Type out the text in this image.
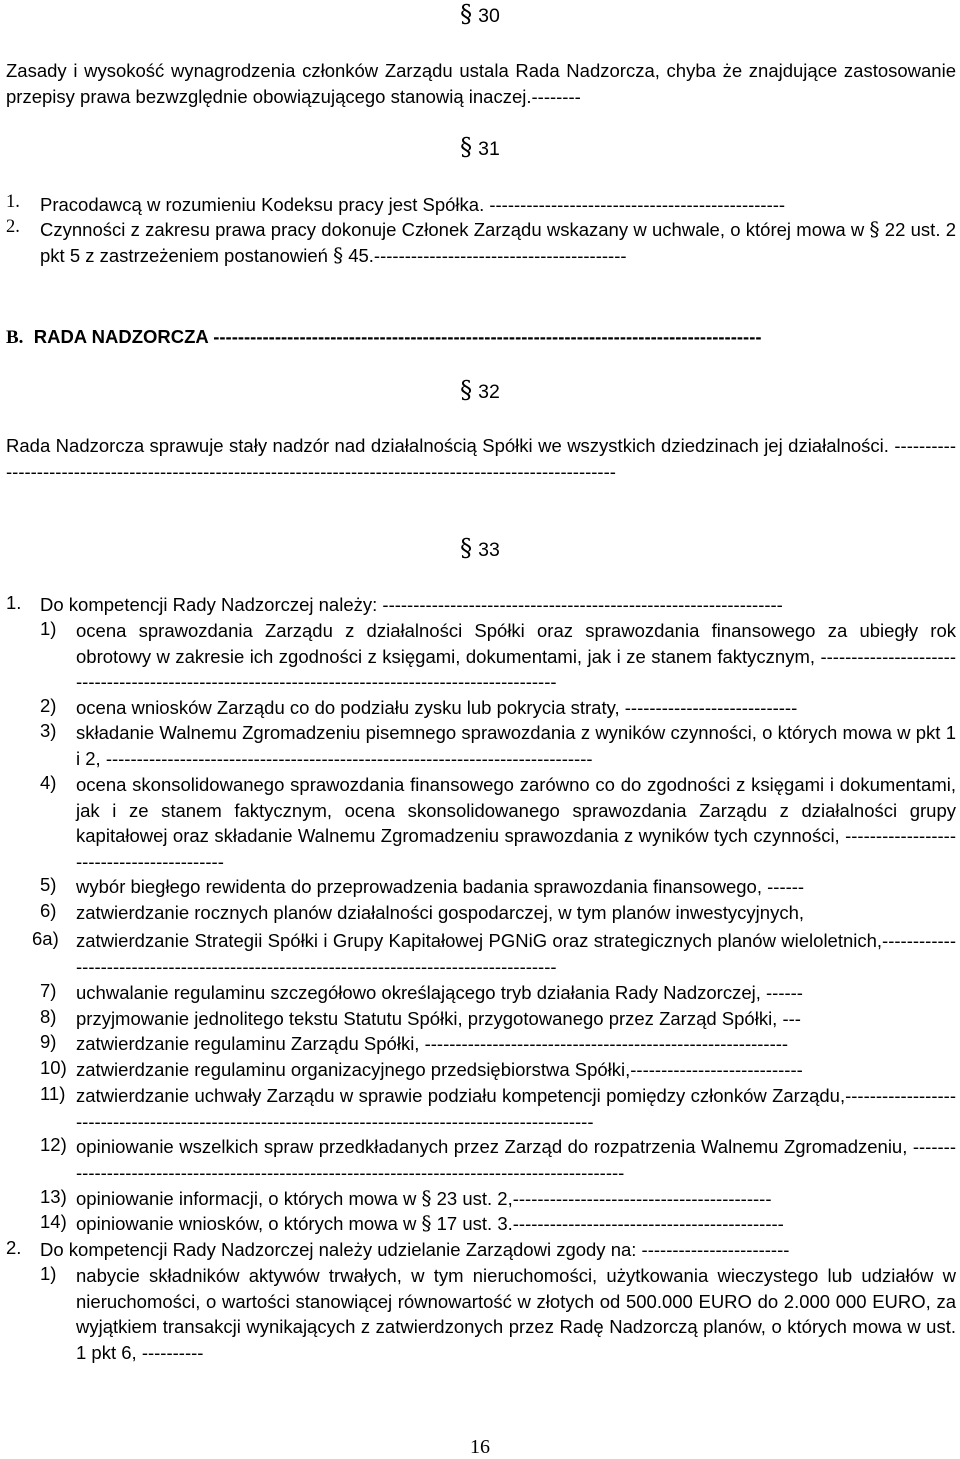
§ 30
Zasady i wysokość wynagrodzenia członków Zarządu ustala Rada Nadzorcza, chyba że znajdujące zastosowanie przepisy prawa bezwzględnie obowiązującego stanowią inaczej.--------
§ 31
1. Pracodawcą w rozumieniu Kodeksu pracy jest Spółka. ------------------------------------------------
2. Czynności z zakresu prawa pracy dokonuje Członek Zarządu wskazany w uchwale, o której mowa w § 22 ust. 2 pkt 5 z zastrzeżeniem postanowień § 45.-----------------------------------------
B. RADA NADZORCZA -----------------------------------------------------------------------------------------
§ 32
Rada Nadzorcza sprawuje stały nadzór nad działalnością Spółki we wszystkich dziedzinach jej działalności. -------------------------------------------------------------------------------------------------------------
§ 33
1. Do kompetencji Rady Nadzorczej należy: -----------------------------------------------------------------
1) ocena sprawozdania Zarządu z działalności Spółki oraz sprawozdania finansowego za ubiegły rok obrotowy w zakresie ich zgodności z księgami, dokumentami, jak i ze stanem faktycznym, ----------------------------------------------------------------------------------------------------
2) ocena wniosków Zarządu co do podziału zysku lub pokrycia straty, ----------------------------
3) składanie Walnemu Zgromadzeniu pisemnego sprawozdania z wyników czynności, o których mowa w pkt 1 i 2, -------------------------------------------------------------------------------
4) ocena skonsolidowanego sprawozdania finansowego zarówno co do zgodności z księgami i dokumentami, jak i ze stanem faktycznym, ocena skonsolidowanego sprawozdania Zarządu z działalności grupy kapitałowej oraz składanie Walnemu Zgromadzeniu sprawozdania z wyników tych czynności, ------------------------------------------
5) wybór biegłego rewidenta do przeprowadzenia badania sprawozdania finansowego, ------
6) zatwierdzanie rocznych planów działalności gospodarczej, w tym planów inwestycyjnych,
6a) zatwierdzanie Strategii Spółki i Grupy Kapitałowej PGNiG oraz strategicznych planów wieloletnich,------------------------------------------------------------------------------------------
7) uchwalanie regulaminu szczegółowo określającego tryb działania Rady Nadzorczej, ------
8) przyjmowanie jednolitego tekstu Statutu Spółki, przygotowanego przez Zarząd Spółki, ---
9) zatwierdzanie regulaminu Zarządu Spółki, -----------------------------------------------------------
10) zatwierdzanie regulaminu organizacyjnego przedsiębiorstwa Spółki,----------------------------
11) zatwierdzanie uchwały Zarządu w sprawie podziału kompetencji pomiędzy członków Zarządu,------------------------------------------------------------------------------------------------------
12) opiniowanie wszelkich spraw przedkładanych przez Zarząd do rozpatrzenia Walnemu Zgromadzeniu, ------------------------------------------------------------------------------------------------
13) opiniowanie informacji, o których mowa w § 23 ust. 2,------------------------------------------
14) opiniowanie wniosków, o których mowa w § 17 ust. 3.--------------------------------------------
2. Do kompetencji Rady Nadzorczej należy udzielanie Zarządowi zgody na: ------------------------
1) nabycie składników aktywów trwałych, w tym nieruchomości, użytkowania wieczystego lub udziałów w nieruchomości, o wartości stanowiącej równowartość w złotych od 500.000 EURO do 2.000 000 EURO, za wyjątkiem transakcji wynikających z zatwierdzonych przez Radę Nadzorczą planów, o których mowa w ust. 1 pkt 6, ----------
16
